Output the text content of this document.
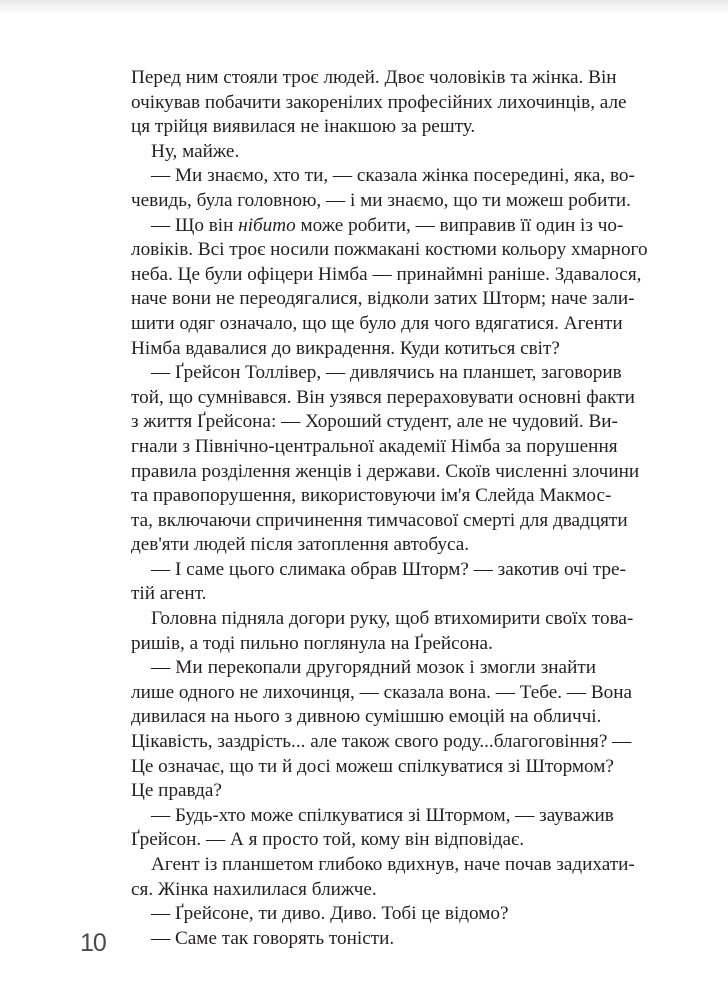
Перед ним стояли троє людей. Двоє чоловіків та жінка. Він
очікував побачити закоренілих професійних лихочинців, але
ця трійця виявилася не інакшою за решту.
Ну, майже.
— Ми знаємо, хто ти, — сказала жінка посередині, яка, во-
чевидь, була головною, — і ми знаємо, що ти можеш робити.
— Що він нібито може робити, — виправив її один із чо-
ловіків. Всі троє носили пожмакані костюми кольору хмарного
неба. Це були офіцери Німба — принаймні раніше. Здавалося,
наче вони не переодягалися, відколи затих Шторм; наче зали-
шити одяг означало, що ще було для чого вдягатися. Агенти
Німба вдавалися до викрадення. Куди котиться світ?
— Ґрейсон Толлівер, — дивлячись на планшет, заговорив
той, що сумнівався. Він узявся перераховувати основні факти
з життя Ґрейсона: — Хороший студент, але не чудовий. Ви-
гнали з Північно-центральної академії Німба за порушення
правила розділення женців і держави. Скоїв численні злочини
та правопорушення, використовуючи ім'я Слейда Макмос-
та, включаючи спричинення тимчасової смерті для двадцяти
дев'яти людей після затоплення автобуса.
— І саме цього слимака обрав Шторм? — закотив очі тре-
тій агент.
Головна підняла догори руку, щоб втихомирити своїх това-
ришів, а тоді пильно поглянула на Ґрейсона.
— Ми перекопали другорядний мозок і змогли знайти
лише одного не лихочинця, — сказала вона. — Тебе. — Вона
дивилася на нього з дивною сумішшю емоцій на обличчі.
Цікавість, заздрість... але також свого роду...благоговіння? —
Це означає, що ти й досі можеш спілкуватися зі Штормом?
Це правда?
— Будь-хто може спілкуватися зі Штормом, — зауважив
Ґрейсон. — А я просто той, кому він відповідає.
Агент із планшетом глибоко вдихнув, наче почав задихати-
ся. Жінка нахилилася ближче.
— Ґрейсоне, ти диво. Диво. Тобі це відомо?
— Саме так говорять тоністи.
10
